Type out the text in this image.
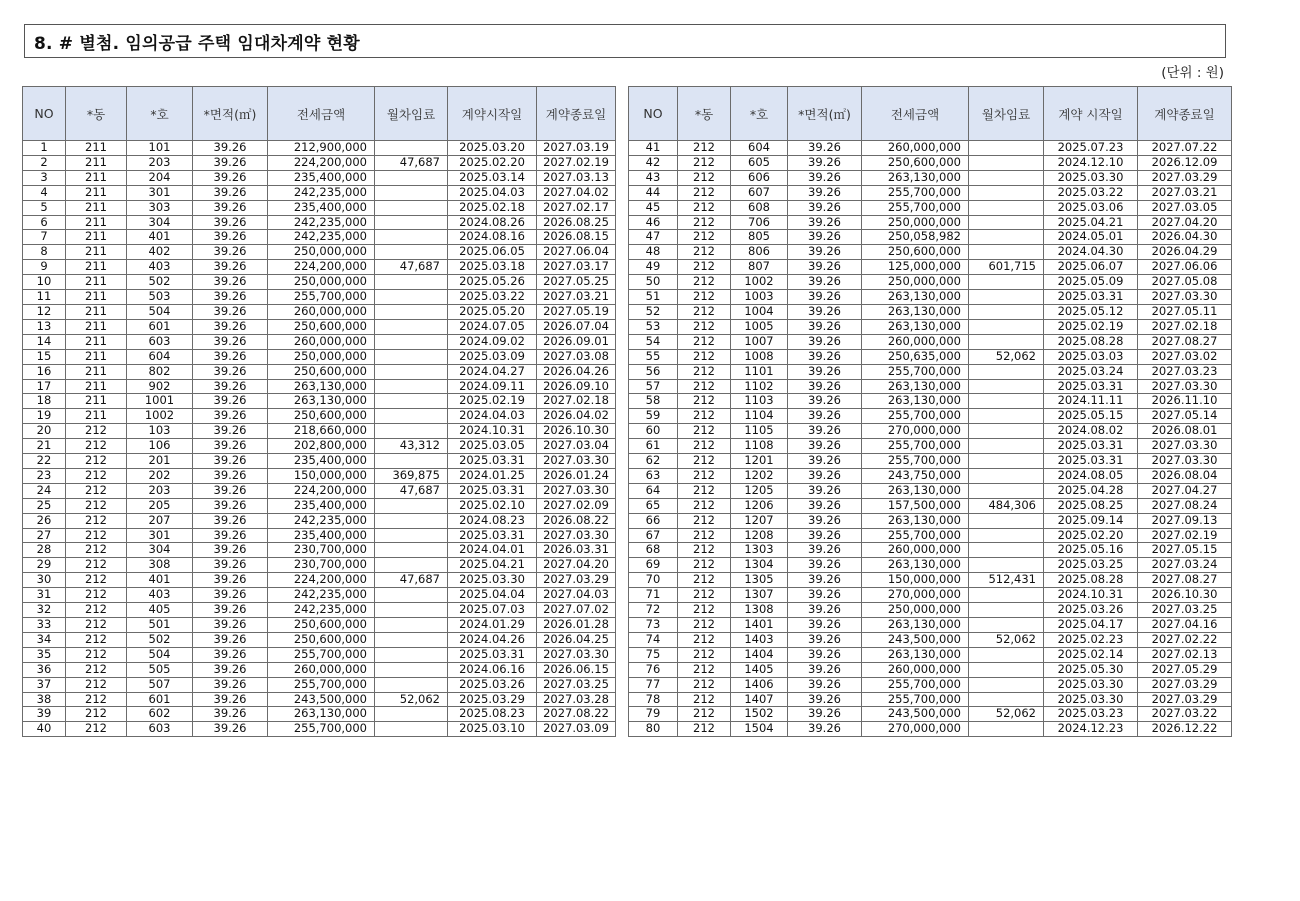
8. # 별첨. 임의공급 주택 임대차계약 현황
(단위 : 원)
NO	*동	*호	*면적(㎡)	전세금액	월차임료	계약시작일	계약종료일
1	211	101	39.26	212,900,000		2025.03.20	2027.03.19
2	211	203	39.26	224,200,000	47,687	2025.02.20	2027.02.19
3	211	204	39.26	235,400,000		2025.03.14	2027.03.13
4	211	301	39.26	242,235,000		2025.04.03	2027.04.02
5	211	303	39.26	235,400,000		2025.02.18	2027.02.17
6	211	304	39.26	242,235,000		2024.08.26	2026.08.25
7	211	401	39.26	242,235,000		2024.08.16	2026.08.15
8	211	402	39.26	250,000,000		2025.06.05	2027.06.04
9	211	403	39.26	224,200,000	47,687	2025.03.18	2027.03.17
10	211	502	39.26	250,000,000		2025.05.26	2027.05.25
11	211	503	39.26	255,700,000		2025.03.22	2027.03.21
12	211	504	39.26	260,000,000		2025.05.20	2027.05.19
13	211	601	39.26	250,600,000		2024.07.05	2026.07.04
14	211	603	39.26	260,000,000		2024.09.02	2026.09.01
15	211	604	39.26	250,000,000		2025.03.09	2027.03.08
16	211	802	39.26	250,600,000		2024.04.27	2026.04.26
17	211	902	39.26	263,130,000		2024.09.11	2026.09.10
18	211	1001	39.26	263,130,000		2025.02.19	2027.02.18
19	211	1002	39.26	250,600,000		2024.04.03	2026.04.02
20	212	103	39.26	218,660,000		2024.10.31	2026.10.30
21	212	106	39.26	202,800,000	43,312	2025.03.05	2027.03.04
22	212	201	39.26	235,400,000		2025.03.31	2027.03.30
23	212	202	39.26	150,000,000	369,875	2024.01.25	2026.01.24
24	212	203	39.26	224,200,000	47,687	2025.03.31	2027.03.30
25	212	205	39.26	235,400,000		2025.02.10	2027.02.09
26	212	207	39.26	242,235,000		2024.08.23	2026.08.22
27	212	301	39.26	235,400,000		2025.03.31	2027.03.30
28	212	304	39.26	230,700,000		2024.04.01	2026.03.31
29	212	308	39.26	230,700,000		2025.04.21	2027.04.20
30	212	401	39.26	224,200,000	47,687	2025.03.30	2027.03.29
31	212	403	39.26	242,235,000		2025.04.04	2027.04.03
32	212	405	39.26	242,235,000		2025.07.03	2027.07.02
33	212	501	39.26	250,600,000		2024.01.29	2026.01.28
34	212	502	39.26	250,600,000		2024.04.26	2026.04.25
35	212	504	39.26	255,700,000		2025.03.31	2027.03.30
36	212	505	39.26	260,000,000		2024.06.16	2026.06.15
37	212	507	39.26	255,700,000		2025.03.26	2027.03.25
38	212	601	39.26	243,500,000	52,062	2025.03.29	2027.03.28
39	212	602	39.26	263,130,000		2025.08.23	2027.08.22
40	212	603	39.26	255,700,000		2025.03.10	2027.03.09
NO	*동	*호	*면적(㎡)	전세금액	월차임료	계약 시작일	계약종료일
41	212	604	39.26	260,000,000		2025.07.23	2027.07.22
42	212	605	39.26	250,600,000		2024.12.10	2026.12.09
43	212	606	39.26	263,130,000		2025.03.30	2027.03.29
44	212	607	39.26	255,700,000		2025.03.22	2027.03.21
45	212	608	39.26	255,700,000		2025.03.06	2027.03.05
46	212	706	39.26	250,000,000		2025.04.21	2027.04.20
47	212	805	39.26	250,058,982		2024.05.01	2026.04.30
48	212	806	39.26	250,600,000		2024.04.30	2026.04.29
49	212	807	39.26	125,000,000	601,715	2025.06.07	2027.06.06
50	212	1002	39.26	250,000,000		2025.05.09	2027.05.08
51	212	1003	39.26	263,130,000		2025.03.31	2027.03.30
52	212	1004	39.26	263,130,000		2025.05.12	2027.05.11
53	212	1005	39.26	263,130,000		2025.02.19	2027.02.18
54	212	1007	39.26	260,000,000		2025.08.28	2027.08.27
55	212	1008	39.26	250,635,000	52,062	2025.03.03	2027.03.02
56	212	1101	39.26	255,700,000		2025.03.24	2027.03.23
57	212	1102	39.26	263,130,000		2025.03.31	2027.03.30
58	212	1103	39.26	263,130,000		2024.11.11	2026.11.10
59	212	1104	39.26	255,700,000		2025.05.15	2027.05.14
60	212	1105	39.26	270,000,000		2024.08.02	2026.08.01
61	212	1108	39.26	255,700,000		2025.03.31	2027.03.30
62	212	1201	39.26	255,700,000		2025.03.31	2027.03.30
63	212	1202	39.26	243,750,000		2024.08.05	2026.08.04
64	212	1205	39.26	263,130,000		2025.04.28	2027.04.27
65	212	1206	39.26	157,500,000	484,306	2025.08.25	2027.08.24
66	212	1207	39.26	263,130,000		2025.09.14	2027.09.13
67	212	1208	39.26	255,700,000		2025.02.20	2027.02.19
68	212	1303	39.26	260,000,000		2025.05.16	2027.05.15
69	212	1304	39.26	263,130,000		2025.03.25	2027.03.24
70	212	1305	39.26	150,000,000	512,431	2025.08.28	2027.08.27
71	212	1307	39.26	270,000,000		2024.10.31	2026.10.30
72	212	1308	39.26	250,000,000		2025.03.26	2027.03.25
73	212	1401	39.26	263,130,000		2025.04.17	2027.04.16
74	212	1403	39.26	243,500,000	52,062	2025.02.23	2027.02.22
75	212	1404	39.26	263,130,000		2025.02.14	2027.02.13
76	212	1405	39.26	260,000,000		2025.05.30	2027.05.29
77	212	1406	39.26	255,700,000		2025.03.30	2027.03.29
78	212	1407	39.26	255,700,000		2025.03.30	2027.03.29
79	212	1502	39.26	243,500,000	52,062	2025.03.23	2027.03.22
80	212	1504	39.26	270,000,000		2024.12.23	2026.12.22
